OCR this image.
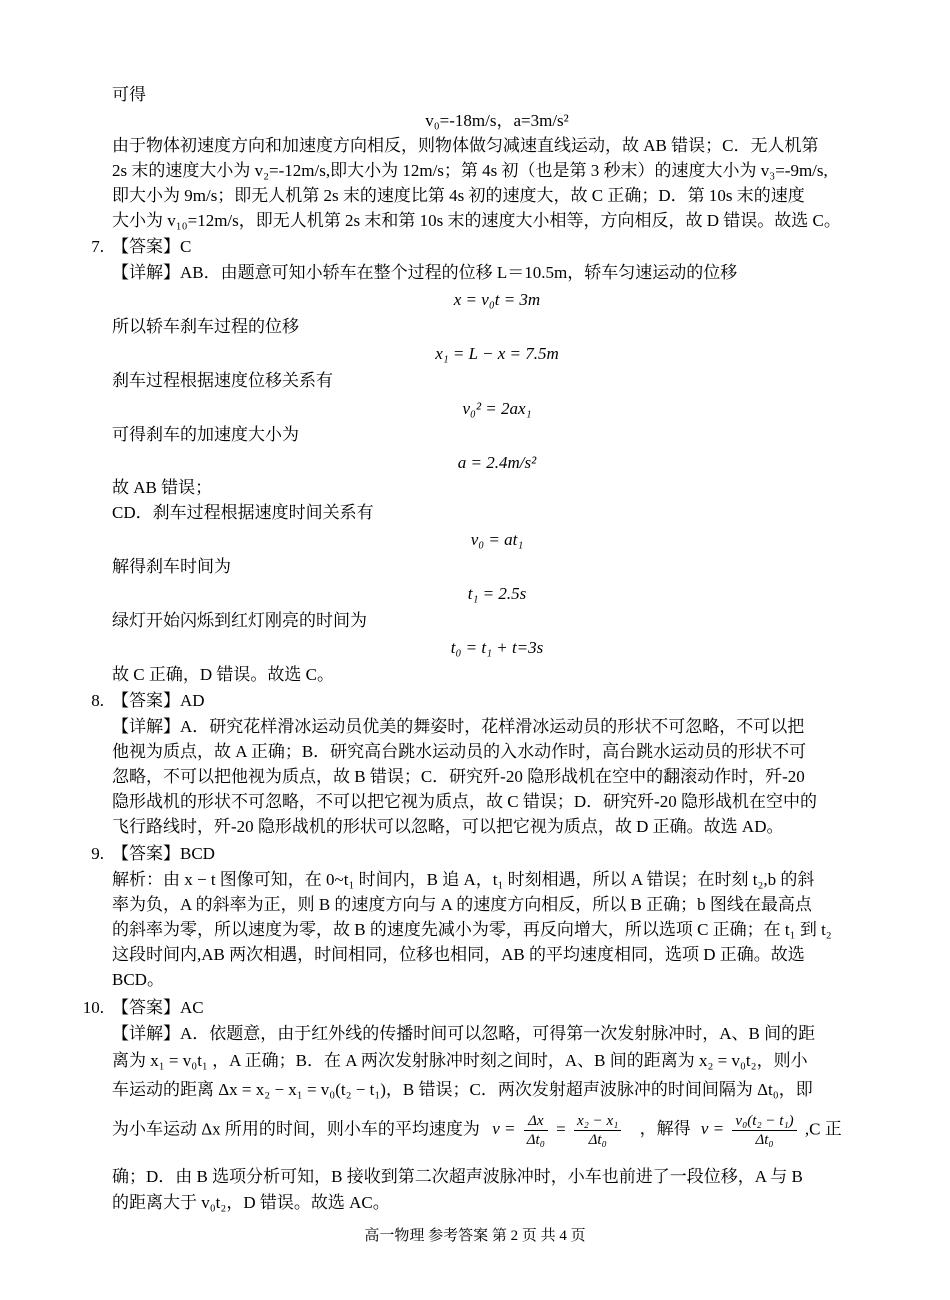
可得
v₀=-18m/s，a=3m/s²
由于物体初速度方向和加速度方向相反，则物体做匀减速直线运动，故 AB 错误；C．无人机第
2s 末的速度大小为 v₂=-12m/s,即大小为 12m/s；第 4s 初（也是第 3 秒末）的速度大小为 v₃=-9m/s,
即大小为 9m/s；即无人机第 2s 末的速度比第 4s 初的速度大，故 C 正确；D．第 10s 末的速度
大小为 v₁₀=12m/s，即无人机第 2s 末和第 10s 末的速度大小相等，方向相反，故 D 错误。故选 C。
7. 【答案】C
【详解】AB．由题意可知小轿车在整个过程的位移 L＝10.5m，轿车匀速运动的位移
x = v₀t = 3m
所以轿车刹车过程的位移
x₁ = L − x = 7.5m
刹车过程根据速度位移关系有
v₀² = 2ax₁
可得刹车的加速度大小为
a = 2.4m/s²
故 AB 错误；
CD．刹车过程根据速度时间关系有
v₀ = at₁
解得刹车时间为
t₁ = 2.5s
绿灯开始闪烁到红灯刚亮的时间为
t₀ = t₁ + t=3s
故 C 正确，D 错误。故选 C。
8. 【答案】AD
【详解】A．研究花样滑冰运动员优美的舞姿时，花样滑冰运动员的形状不可忽略，不可以把
他视为质点，故 A 正确；B．研究高台跳水运动员的入水动作时，高台跳水运动员的形状不可
忽略，不可以把他视为质点，故 B 错误；C．研究歼-20 隐形战机在空中的翻滚动作时，歼-20
隐形战机的形状不可忽略，不可以把它视为质点，故 C 错误；D．研究歼-20 隐形战机在空中的
飞行路线时，歼-20 隐形战机的形状可以忽略，可以把它视为质点，故 D 正确。故选 AD。
9. 【答案】BCD
解析：由 x − t 图像可知，在 0~t₁ 时间内，B 追 A，t₁ 时刻相遇，所以 A 错误；在时刻 t₂,b 的斜
率为负，A 的斜率为正，则 B 的速度方向与 A 的速度方向相反，所以 B 正确；b 图线在最高点
的斜率为零，所以速度为零，故 B 的速度先减小为零，再反向增大，所以选项 C 正确；在 t₁ 到 t₂
这段时间内,AB 两次相遇，时间相同，位移也相同，AB 的平均速度相同，选项 D 正确。故选
BCD。
10. 【答案】AC
【详解】A．依题意，由于红外线的传播时间可以忽略，可得第一次发射脉冲时，A、B 间的距
离为 x₁ = v₀t₁ ，A 正确；B．在 A 两次发射脉冲时刻之间时，A、B 间的距离为 x₂ = v₀t₂，则小
车运动的距离 Δx = x₂ − x₁ = v₀(t₂ − t₁)，B 错误；C．两次发射超声波脉冲的时间间隔为 Δt₀，即
为小车运动 Δx 所用的时间，则小车的平均速度为 $v = \frac{\Delta x}{\text{Δt₀}} = \frac{\text{x₂ − x₁}}{\text{Δt₀}}$ ，解得 $v = \frac{\text{v₀(t₂ − t₁)}}{\text{Δt₀}} ,C$ 正
确；D．由 B 选项分析可知，B 接收到第二次超声波脉冲时，小车也前进了一段位移，A 与 B
的距离大于 v₀t₂，D 错误。故选 AC。
高一物理 参考答案 第 2 页 共 4 页
